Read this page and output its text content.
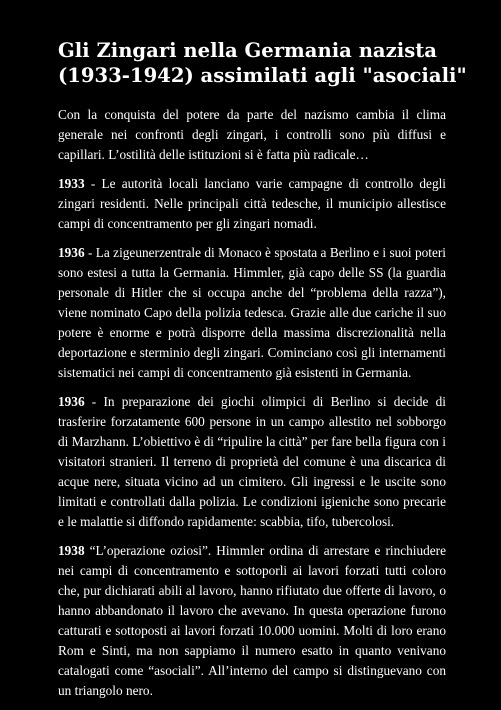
Gli Zingari nella Germania nazista
(1933-1942) assimilati agli "asociali"

Con la conquista del potere da parte del nazismo cambia il clima generale nei confronti degli zingari, i controlli sono più diffusi e capillari. L’ostilità delle istituzioni si è fatta più radicale…

1933 - Le autorità locali lanciano varie campagne di controllo degli zingari residenti. Nelle principali città tedesche, il municipio allestisce campi di concentramento per gli zingari nomadi.

1936 - La zigeunerzentrale di Monaco è spostata a Berlino e i suoi poteri sono estesi a tutta la Germania. Himmler, già capo delle SS (la guardia personale di Hitler che si occupa anche del “problema della razza”), viene nominato Capo della polizia tedesca. Grazie alle due cariche il suo potere è enorme e potrà disporre della massima discrezionalità nella deportazione e sterminio degli zingari. Cominciano così gli internamenti sistematici nei campi di concentramento già esistenti in Germania.

1936 - In preparazione dei giochi olimpici di Berlino si decide di trasferire forzatamente 600 persone in un campo allestito nel sobborgo di Marzhann. L’obiettivo è di “ripulire la città” per fare bella figura con i visitatori stranieri. Il terreno di proprietà del comune è una discarica di acque nere, situata vicino ad un cimitero. Gli ingressi e le uscite sono limitati e controllati dalla polizia. Le condizioni igieniche sono precarie e le malattie si diffondo rapidamente: scabbia, tifo, tubercolosi.

1938 “L’operazione oziosi”. Himmler ordina di arrestare e rinchiudere nei campi di concentramento e sottoporli ai lavori forzati tutti coloro che, pur dichiarati abili al lavoro, hanno rifiutato due offerte di lavoro, o hanno abbandonato il lavoro che avevano. In questa operazione furono catturati e sottoposti ai lavori forzati 10.000 uomini. Molti di loro erano Rom e Sinti, ma non sappiamo il numero esatto in quanto venivano catalogati come “asociali”. All’interno del campo si distinguevano con un triangolo nero.
